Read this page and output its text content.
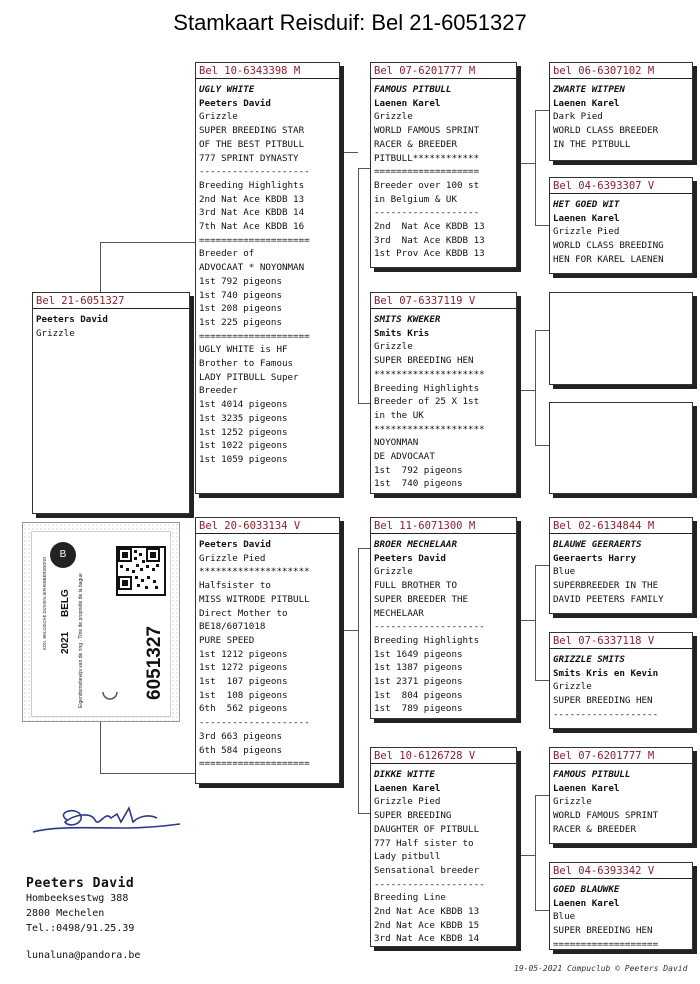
Stamkaart Reisduif: Bel 21-6051327
Bel 21-6051327
Peeters David
Grizzle
Bel 10-6343398 M
UGLY WHITE
Peeters David
Grizzle
SUPER BREEDING STAR
OF THE BEST PITBULL
777 SPRINT DYNASTY
--------------------
Breeding Highlights
2nd Nat Ace KBDB 13
3rd Nat Ace KBDB 14
7th Nat Ace KBDB 16
====================
Breeder of
ADVOCAAT * NOYONMAN
1st 792 pigeons
1st 740 pigeons
1st 208 pigeons
1st 225 pigeons
====================
UGLY WHITE is HF
Brother to Famous
LADY PITBULL Super
Breeder
1st 4014 pigeons
1st 3235 pigeons
1st 1252 pigeons
1st 1022 pigeons
1st 1059 pigeons
Bel 20-6033134 V
Peeters David
Grizzle Pied
********************
Halfsister to
MISS WITRODE PITBULL
Direct Mother to
BE18/6071018
PURE SPEED
1st 1212 pigeons
1st 1272 pigeons
1st  107 pigeons
1st  108 pigeons
6th  562 pigeons
--------------------
3rd 663 pigeons
6th 584 pigeons
====================
Bel 07-6201777 M
FAMOUS PITBULL
Laenen Karel
Grizzle
WORLD FAMOUS SPRINT
RACER & BREEDER
PITBULL************
===================
Breeder over 100 st
in Belgium & UK
-------------------
2nd  Nat Ace KBDB 13
3rd  Nat Ace KBDB 13
1st Prov Ace KBDB 13
Bel 07-6337119 V
SMITS KWEKER
Smits Kris
Grizzle
SUPER BREEDING HEN
********************
Breeding Highlights
Breeder of 25 X 1st
in the UK
********************
NOYONMAN
DE ADVOCAAT
1st  792 pigeons
1st  740 pigeons
Bel 11-6071300 M
BROER MECHELAAR
Peeters David
Grizzle
FULL BROTHER TO
SUPER BREEDER THE
MECHELAAR
--------------------
Breeding Highlights
1st 1649 pigeons
1st 1387 pigeons
1st 2371 pigeons
1st  804 pigeons
1st  789 pigeons
Bel 10-6126728 V
DIKKE WITTE
Laenen Karel
Grizzle Pied
SUPER BREEDING
DAUGHTER OF PITBULL
777 Half sister to
Lady pitbull
Sensational breeder
--------------------
Breeding Line
2nd Nat Ace KBDB 13
2nd Nat Ace KBDB 15
3rd Nat Ace KBDB 14
bel 06-6307102 M
ZWARTE WITPEN
Laenen Karel
Dark Pied
WORLD CLASS BREEDER
IN THE PITBULL
Bel 04-6393307 V
HET GOED WIT
Laenen Karel
Grizzle Pied
WORLD CLASS BREEDING
HEN FOR KAREL LAENEN
Bel 02-6134844 M
BLAUWE GEERAERTS
Geeraerts Harry
Blue
SUPERBREEDER IN THE
DAVID PEETERS FAMILY
Bel 07-6337118 V
GRIZZLE SMITS
Smits Kris en Kevin
Grizzle
SUPER BREEDING HEN
-------------------
Bel 07-6201777 M
FAMOUS PITBULL
Laenen Karel
Grizzle
WORLD FAMOUS SPRINT
RACER & BREEDER
Bel 04-6393342 V
GOED BLAUWKE
Laenen Karel
Blue
SUPER BREEDING HEN
===================
B
KON. BELGISCHE DUIVENLIEFHEBBERSBOND BELG
2021 Eigendomsbewijs van de ring · Titre de propriété de la bague	6051327
Peeters David
Hombeeksestwg 388
2800 Mechelen
Tel.:0498/91.25.39
lunaluna@pandora.be
19-05-2021 Compuclub © Peeters David
